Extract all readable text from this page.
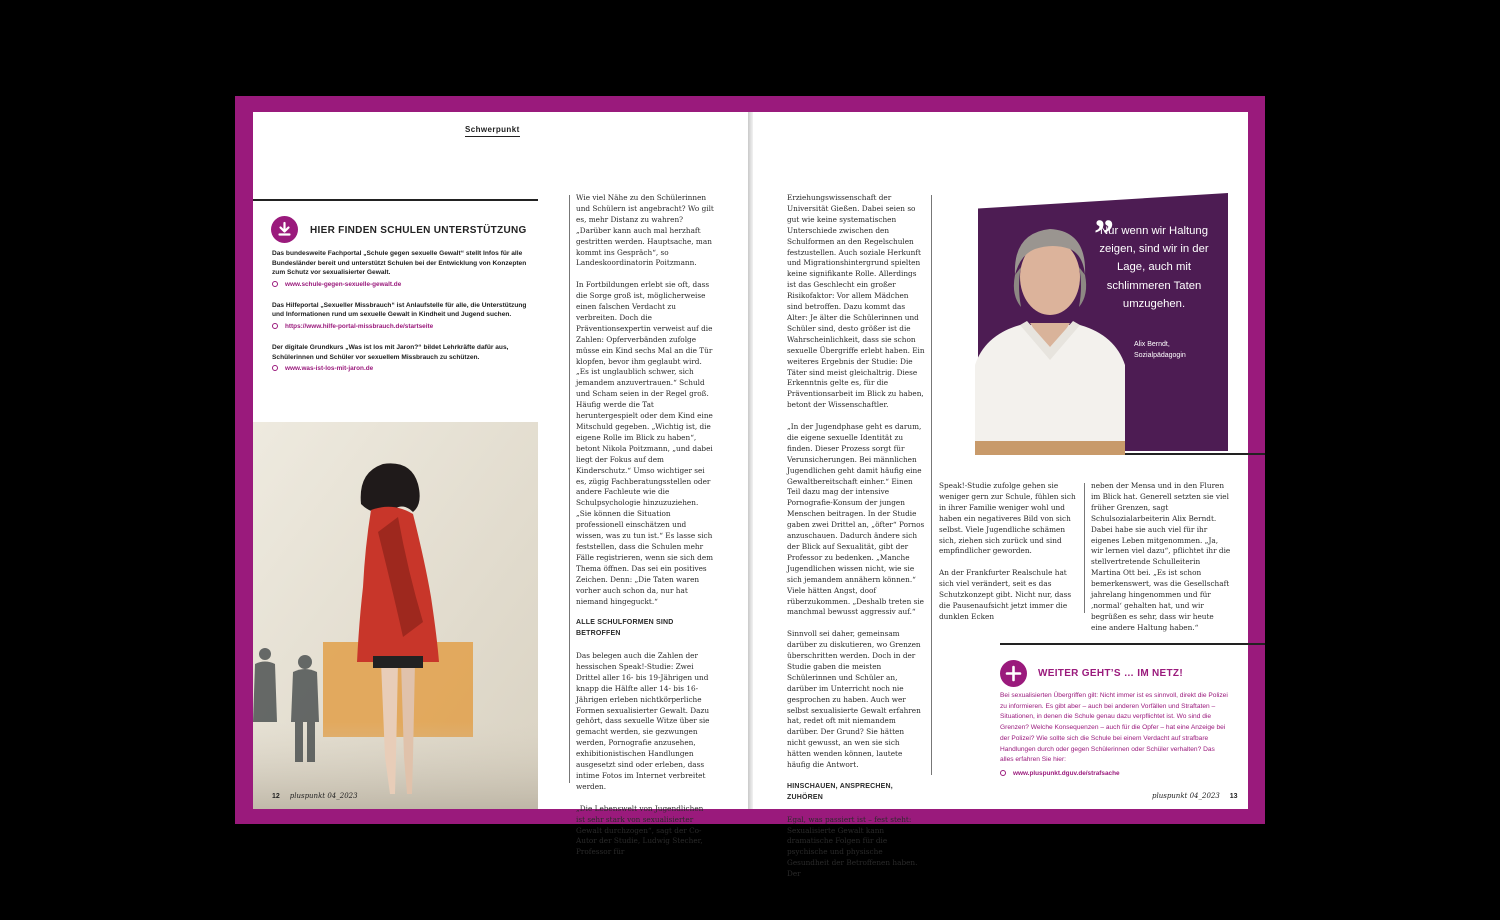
Schwerpunkt
HIER FINDEN SCHULEN UNTERSTÜTZUNG
Das bundesweite Fachportal „Schule gegen sexuelle Gewalt“ stellt Infos für alle Bundesländer bereit und unterstützt Schulen bei der Entwicklung von Konzepten zum Schutz vor sexualisierter Gewalt.
www.schule-gegen-sexuelle-gewalt.de
Das Hilfeportal „Sexueller Missbrauch“ ist Anlaufstelle für alle, die Unterstützung und Informationen rund um sexuelle Gewalt in Kindheit und Jugend suchen.
https://www.hilfe-portal-missbrauch.de/startseite
Der digitale Grundkurs „Was ist los mit Jaron?“ bildet Lehrkräfte dafür aus, Schülerinnen und Schüler vor sexuellem Missbrauch zu schützen.
www.was-ist-los-mit-jaron.de
12 pluspunkt 04_2023

Wie viel Nähe zu den Schülerinnen und Schülern ist angebracht? Wo gilt es, mehr Distanz zu wahren? „Darüber kann auch mal herzhaft gestritten werden. Hauptsache, man kommt ins Gespräch“, so Landeskoordinatorin Poitzmann.

In Fortbildungen erlebt sie oft, dass die Sorge groß ist, möglicherweise einen falschen Verdacht zu verbreiten. Doch die Präventionsexpertin verweist auf die Zahlen: Opferverbänden zufolge müsse ein Kind sechs Mal an die Tür klopfen, bevor ihm geglaubt wird. „Es ist unglaublich schwer, sich jemandem anzuvertrauen.“ Schuld und Scham seien in der Regel groß. Häufig werde die Tat heruntergespielt oder dem Kind eine Mitschuld gegeben. „Wichtig ist, die eigene Rolle im Blick zu haben“, betont Nikola Poitzmann, „und dabei liegt der Fokus auf dem Kinderschutz.“ Umso wichtiger sei es, zügig Fachberatungsstellen oder andere Fachleute wie die Schulpsychologie hinzuzuziehen. „Sie können die Situation professionell einschätzen und wissen, was zu tun ist.“ Es lasse sich feststellen, dass die Schulen mehr Fälle registrieren, wenn sie sich dem Thema öffnen. Das sei ein positives Zeichen. Denn: „Die Taten waren vorher auch schon da, nur hat niemand hingeguckt.“

ALLE SCHULFORMEN SIND BETROFFEN

Das belegen auch die Zahlen der hessischen Speak!-Studie: Zwei Drittel aller 16- bis 19-Jährigen und knapp die Hälfte aller 14- bis 16-Jährigen erleben nichtkörperliche Formen sexualisierter Gewalt. Dazu gehört, dass sexuelle Witze über sie gemacht werden, sie gezwungen werden, Pornografie anzusehen, exhibitionistischen Handlungen ausgesetzt sind oder erleben, dass intime Fotos im Internet verbreitet werden.

„Die Lebenswelt von Jugendlichen ist sehr stark von sexualisierter Gewalt durchzogen“, sagt der Co-Autor der Studie, Ludwig Stecher, Professor für

Erziehungswissenschaft der Universität Gießen. Dabei seien so gut wie keine systematischen Unterschiede zwischen den Schulformen an den Regelschulen festzustellen. Auch soziale Herkunft und Migrationshintergrund spielten keine signifikante Rolle. Allerdings ist das Geschlecht ein großer Risikofaktor: Vor allem Mädchen sind betroffen. Dazu kommt das Alter: Je älter die Schülerinnen und Schüler sind, desto größer ist die Wahrscheinlichkeit, dass sie schon sexuelle Übergriffe erlebt haben. Ein weiteres Ergebnis der Studie: Die Täter sind meist gleichaltrig. Diese Erkenntnis gelte es, für die Präventionsarbeit im Blick zu haben, betont der Wissenschaftler.

„In der Jugendphase geht es darum, die eigene sexuelle Identität zu finden. Dieser Prozess sorgt für Verunsicherungen. Bei männlichen Jugendlichen geht damit häufig eine Gewaltbereitschaft einher.“ Einen Teil dazu mag der intensive Pornografie-Konsum der jungen Menschen beitragen. In der Studie gaben zwei Drittel an, „öfter“ Pornos anzuschauen. Dadurch ändere sich der Blick auf Sexualität, gibt der Professor zu bedenken. „Manche Jugendlichen wissen nicht, wie sie sich jemandem annähern können.“ Viele hätten Angst, doof rüberzukommen. „Deshalb treten sie manchmal bewusst aggressiv auf.“

Sinnvoll sei daher, gemeinsam darüber zu diskutieren, wo Grenzen überschritten werden. Doch in der Studie gaben die meisten Schülerinnen und Schüler an, darüber im Unterricht noch nie gesprochen zu haben. Auch wer selbst sexualisierte Gewalt erfahren hat, redet oft mit niemandem darüber. Der Grund? Sie hätten nicht gewusst, an wen sie sich hätten wenden können, lautete häufig die Antwort.

HINSCHAUEN, ANSPRECHEN, ZUHÖREN

Egal, was passiert ist – fest steht: Sexualisierte Gewalt kann dramatische Folgen für die psychische und physische Gesundheit der Betroffenen haben. Der

”
Nur wenn wir Haltung zeigen, sind wir in der Lage, auch mit schlimmeren Taten umzugehen.
Alix Berndt,
Sozialpädagogin

Speak!-Studie zufolge gehen sie weniger gern zur Schule, fühlen sich in ihrer Familie weniger wohl und haben ein negativeres Bild von sich selbst. Viele Jugendliche schämen sich, ziehen sich zurück und sind empfindlicher geworden.

An der Frankfurter Realschule hat sich viel verändert, seit es das Schutzkonzept gibt. Nicht nur, dass die Pausenaufsicht jetzt immer die dunklen Ecken

neben der Mensa und in den Fluren im Blick hat. Generell setzten sie viel früher Grenzen, sagt Schulsozialarbeiterin Alix Berndt. Dabei habe sie auch viel für ihr eigenes Leben mitgenommen. „Ja, wir lernen viel dazu“, pflichtet ihr die stellvertretende Schulleiterin Martina Ott bei. „Es ist schon bemerkenswert, was die Gesellschaft jahrelang hingenommen und für ‚normal‘ gehalten hat, und wir begrüßen es sehr, dass wir heute eine andere Haltung haben.“

WEITER GEHT’S … IM NETZ!
Bei sexualisierten Übergriffen gilt: Nicht immer ist es sinnvoll, direkt die Polizei zu informieren. Es gibt aber – auch bei anderen Vorfällen und Straftaten – Situationen, in denen die Schule genau dazu verpflichtet ist. Wo sind die Grenzen? Welche Konsequenzen – auch für die Opfer – hat eine Anzeige bei der Polizei? Wie sollte sich die Schule bei einem Verdacht auf strafbare Handlungen durch oder gegen Schülerinnen oder Schüler verhalten? Das alles erfahren Sie hier:
www.pluspunkt.dguv.de/strafsache
pluspunkt 04_2023 13
